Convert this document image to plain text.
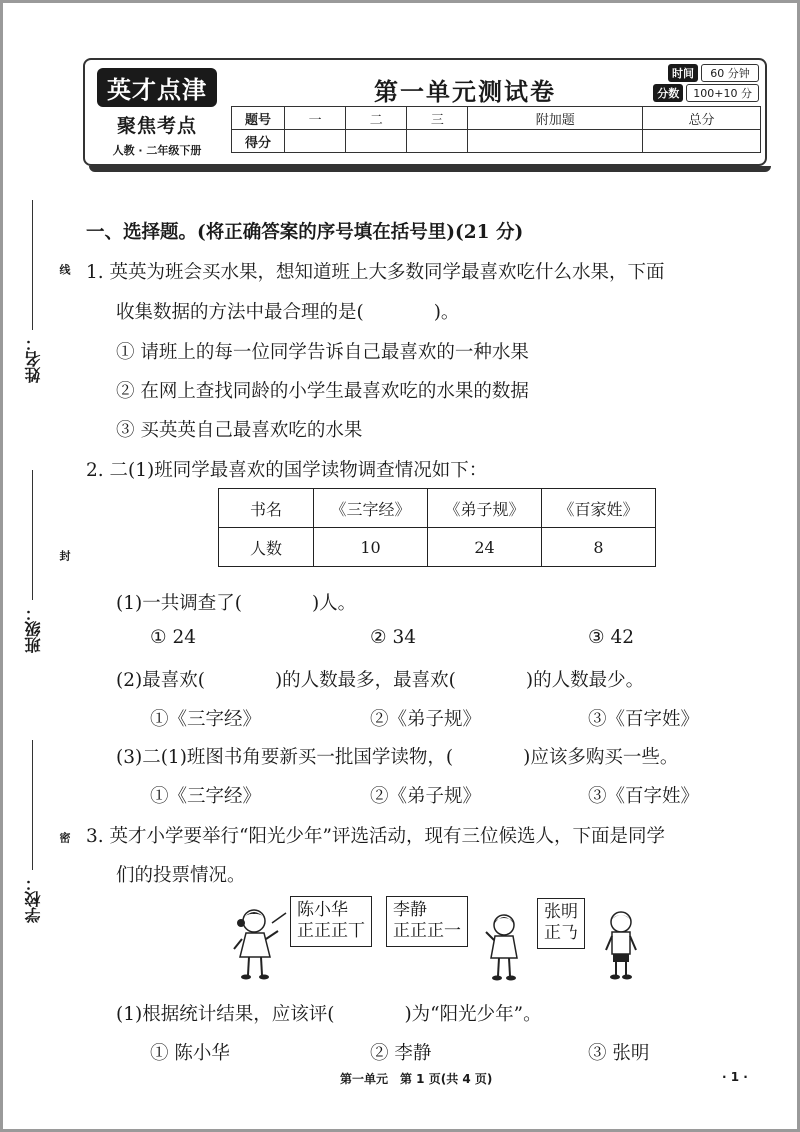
英才点津
聚焦考点
人教 · 二年级下册
第一单元测试卷
时间	60 分钟
分数	100+10 分
题号	一	二	三	附加题	总分
得分					
姓名：
线
班级：
封
学校：
密
一、选择题。(将正确答案的序号填在括号里)(21 分)
1. 英英为班会买水果，想知道班上大多数同学最喜欢吃什么水果，下面
收集数据的方法中最合理的是(	)。
① 请班上的每一位同学告诉自己最喜欢的一种水果
② 在网上查找同龄的小学生最喜欢吃的水果的数据
③ 买英英自己最喜欢吃的水果
2. 二(1)班同学最喜欢的国学读物调查情况如下：
书名	《三字经》	《弟子规》	《百家姓》
人数	10	24	8
(1)一共调查了(	)人。
① 24	② 34	③ 42
(2)最喜欢(	)的人数最多，最喜欢(	)的人数最少。
①《三字经》	②《弟子规》	③《百字姓》
(3)二(1)班图书角要新买一批国学读物，(	)应该多购买一些。
①《三字经》	②《弟子规》	③《百字姓》
3. 英才小学要举行“阳光少年”评选活动，现有三位候选人，下面是同学
们的投票情况。
陈小华
正正正丅
李静
正正正一
张明
正𠄎
(1)根据统计结果，应该评(	)为“阳光少年”。
① 陈小华	② 李静	③ 张明
第一单元　第 1 页(共 4 页)	· 1 ·
